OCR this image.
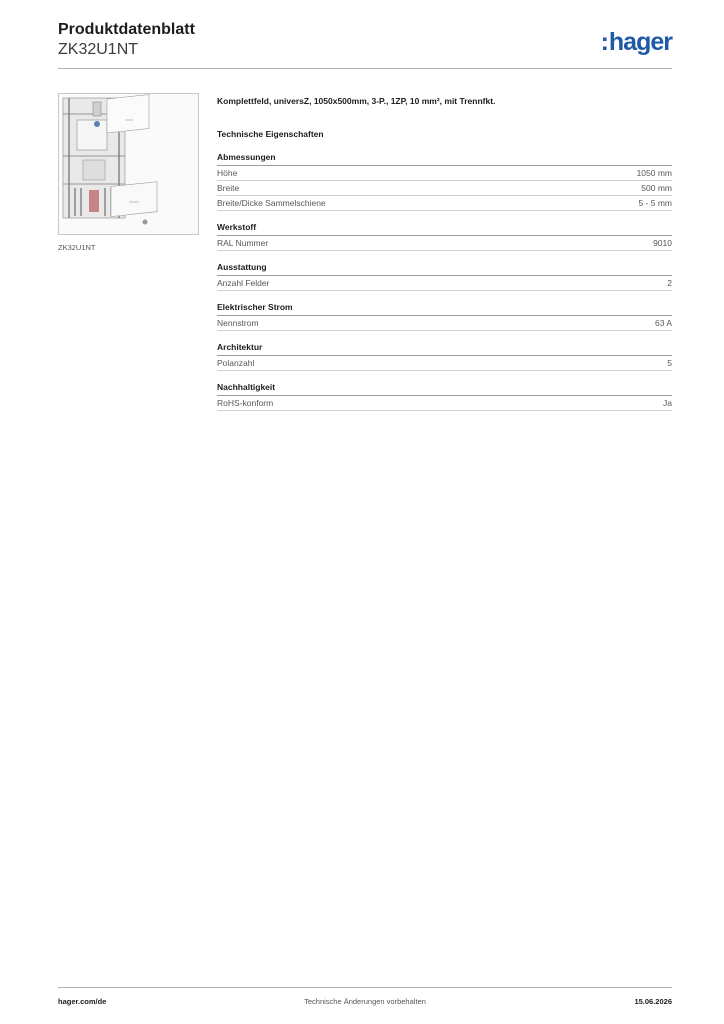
Produktdatenblatt
ZK32U1NT	:hager
ZK32U1NT
Komplettfeld, universZ, 1050x500mm, 3-P., 1ZP, 10 mm², mit Trennfkt.
Technische Eigenschaften
Abmessungen
Höhe	1050 mm
Breite	500 mm
Breite/Dicke Sammelschiene	5 - 5 mm
Werkstoff
RAL Nummer	9010
Ausstattung
Anzahl Felder	2
Elektrischer Strom
Nennstrom	63 A
Architektur
Polanzahl	5
Nachhaltigkeit
RoHS-konform	Ja
hager.com/de	Technische Änderungen vorbehalten	15.06.2026
